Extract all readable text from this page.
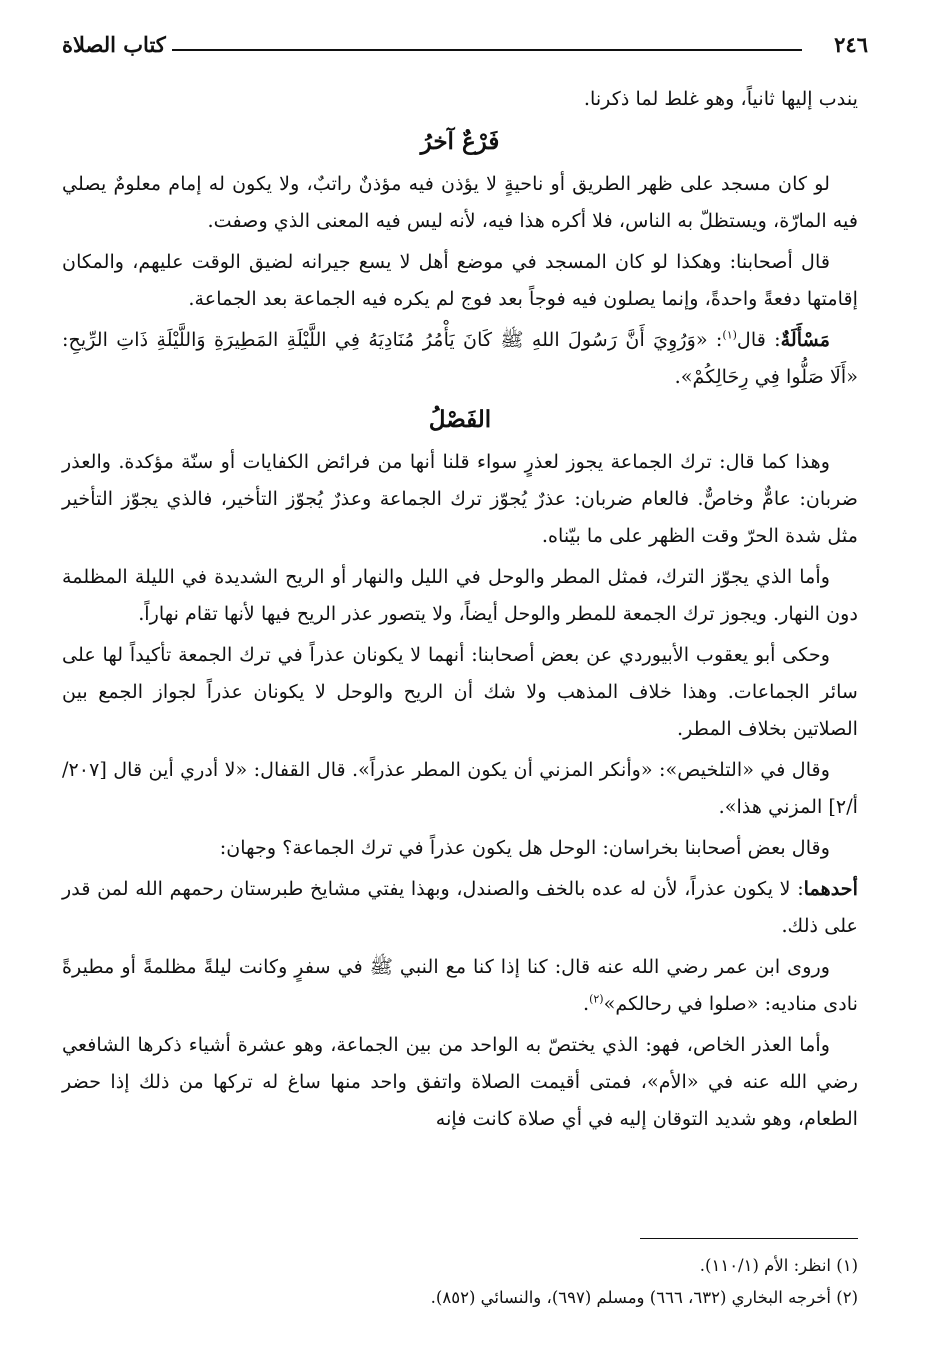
٢٤٦
كتاب الصلاة

يندب إليها ثانياً، وهو غلط لما ذكرنا.

فَرْعٌ آخرُ

لو كان مسجد على ظهر الطريق أو ناحيةٍ لا يؤذن فيه مؤذنٌ راتبٌ، ولا يكون له إمام معلومٌ يصلي فيه المارّة، ويستظلّ به الناس، فلا أكره هذا فيه، لأنه ليس فيه المعنى الذي وصفت.

قال أصحابنا: وهكذا لو كان المسجد في موضع أهل لا يسع جيرانه لضيق الوقت عليهم، والمكان إقامتها دفعةً واحدةً، وإنما يصلون فيه فوجاً بعد فوج لم يكره فيه الجماعة بعد الجماعة.

مَسْأَلَةٌ: قال$^{(١)}$: «وَرُوِيَ أَنَّ رَسُولَ اللهِ ﷺ كَانَ يَأْمُرُ مُنَادِيَهُ فِي اللَّيْلَةِ المَطِيرَةِ وَاللَّيْلَةِ ذَاتِ الرِّيحِ: «أَلَا صَلُّوا فِي رِحَالِكُمْ».

الفَصْلُ

وهذا كما قال: ترك الجماعة يجوز لعذرٍ سواء قلنا أنها من فرائض الكفايات أو سنّة مؤكدة. والعذر ضربان: عامٌّ وخاصٌّ. فالعام ضربان: عذرٌ يُجوّز ترك الجماعة وعذرٌ يُجوّز التأخير، فالذي يجوّز التأخير مثل شدة الحرّ وقت الظهر على ما بيّناه.

وأما الذي يجوّز الترك، فمثل المطر والوحل في الليل والنهار أو الريح الشديدة في الليلة المظلمة دون النهار. ويجوز ترك الجمعة للمطر والوحل أيضاً، ولا يتصور عذر الريح فيها لأنها تقام نهاراً.

وحكى أبو يعقوب الأبيوردي عن بعض أصحابنا: أنهما لا يكونان عذراً في ترك الجمعة تأكيداً لها على سائر الجماعات. وهذا خلاف المذهب ولا شك أن الريح والوحل لا يكونان عذراً لجواز الجمع بين الصلاتين بخلاف المطر.

وقال في «التلخيص»: «وأنكر المزني أن يكون المطر عذراً». قال القفال: «لا أدري أين قال [٢٠٧/أ/٢] المزني هذا».

وقال بعض أصحابنا بخراسان: الوحل هل يكون عذراً في ترك الجماعة؟ وجهان:

أحدهما: لا يكون عذراً، لأن له عده بالخف والصندل، وبهذا يفتي مشايخ طبرستان رحمهم الله لمن قدر على ذلك.

وروى ابن عمر رضي الله عنه قال: كنا إذا كنا مع النبي ﷺ في سفرٍ وكانت ليلةً مظلمةً أو مطيرةً نادى مناديه: «صلوا في رحالكم»$^{(٢)}$.

وأما العذر الخاص، فهو: الذي يختصّ به الواحد من بين الجماعة، وهو عشرة أشياء ذكرها الشافعي رضي الله عنه في «الأم»، فمتى أقيمت الصلاة واتفق واحد منها ساغ له تركها من ذلك إذا حضر الطعام، وهو شديد التوقان إليه في أي صلاة كانت فإنه

(١) انظر: الأم (١١٠/١).

(٢) أخرجه البخاري (٦٣٢، ٦٦٦) ومسلم (٦٩٧)، والنسائي (٨٥٢).
